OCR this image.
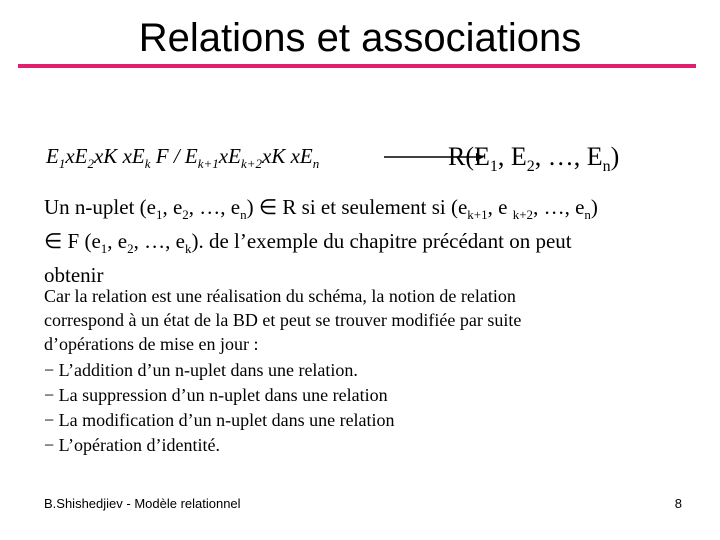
Relations et associations
$E_1xE_2xK$ $xE_k$ F / $E_{k+1}xE_{k+2}xK$ $xE_n$	$R(E_1$, $E_2$, …, $E_n$)
Un n-uplet ($e_1$, $e_2$, …, $e_n$) ∈ R si et seulement si ($e_{k+1}$, e $_{k+2}$, …, $e_n$)
∈ F ($e_1$, $e_2$, …, $e_k$). de l’exemple du chapitre précédant on peut
obtenir
Car la relation est une réalisation du schéma, la notion de relation
correspond à un état de la BD et peut se trouver modifiée par suite
d’opérations de mise en jour :
− L’addition d’un n-uplet dans une relation.
− La suppression d’un n-uplet dans une relation
− La modification d’un n-uplet dans une relation
− L’opération d’identité.
B.Shishedjiev - Modèle relationnel	8
